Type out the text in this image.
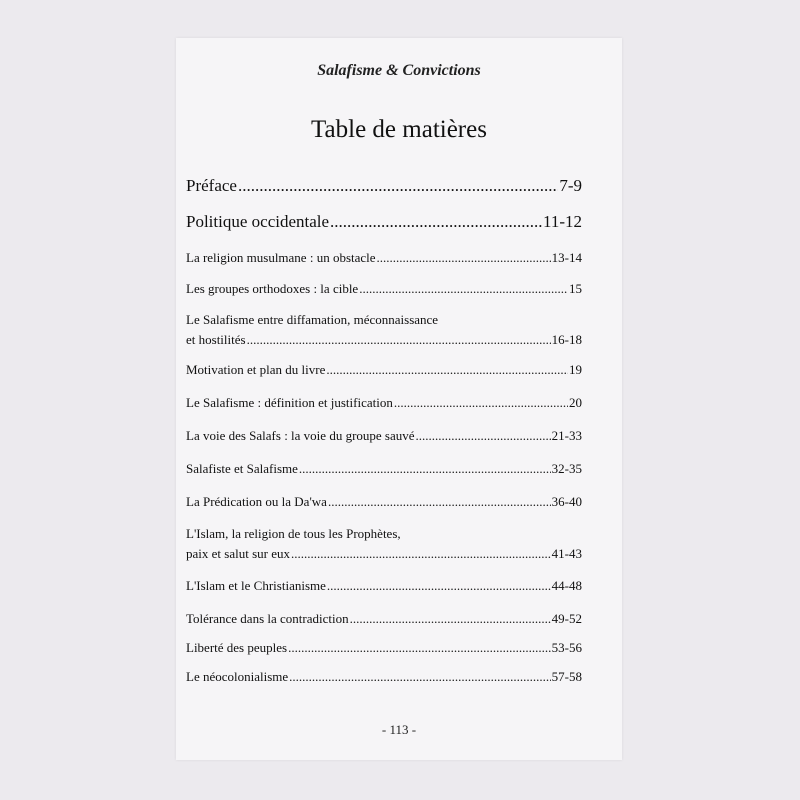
Salafisme & Convictions
Table de matières
Préface .....	7-9
Politique occidentale .....	11-12
La religion musulmane : un obstacle .....	13-14
Les groupes orthodoxes : la cible .....	15
Le Salafisme entre diffamation, méconnaissance
et hostilités .....	16-18
Motivation et plan du livre .....	19
Le Salafisme : définition et justification .....	20
La voie des Salafs : la voie du groupe sauvé .....	21-33
Salafiste et Salafisme .....	32-35
La Prédication ou la Da'wa .....	36-40
L'Islam, la religion de tous les Prophètes,
paix et salut sur eux .....	41-43
L'Islam et le Christianisme .....	44-48
Tolérance dans la contradiction .....	49-52
Liberté des peuples .....	53-56
Le néocolonialisme .....	57-58
- 113 -
